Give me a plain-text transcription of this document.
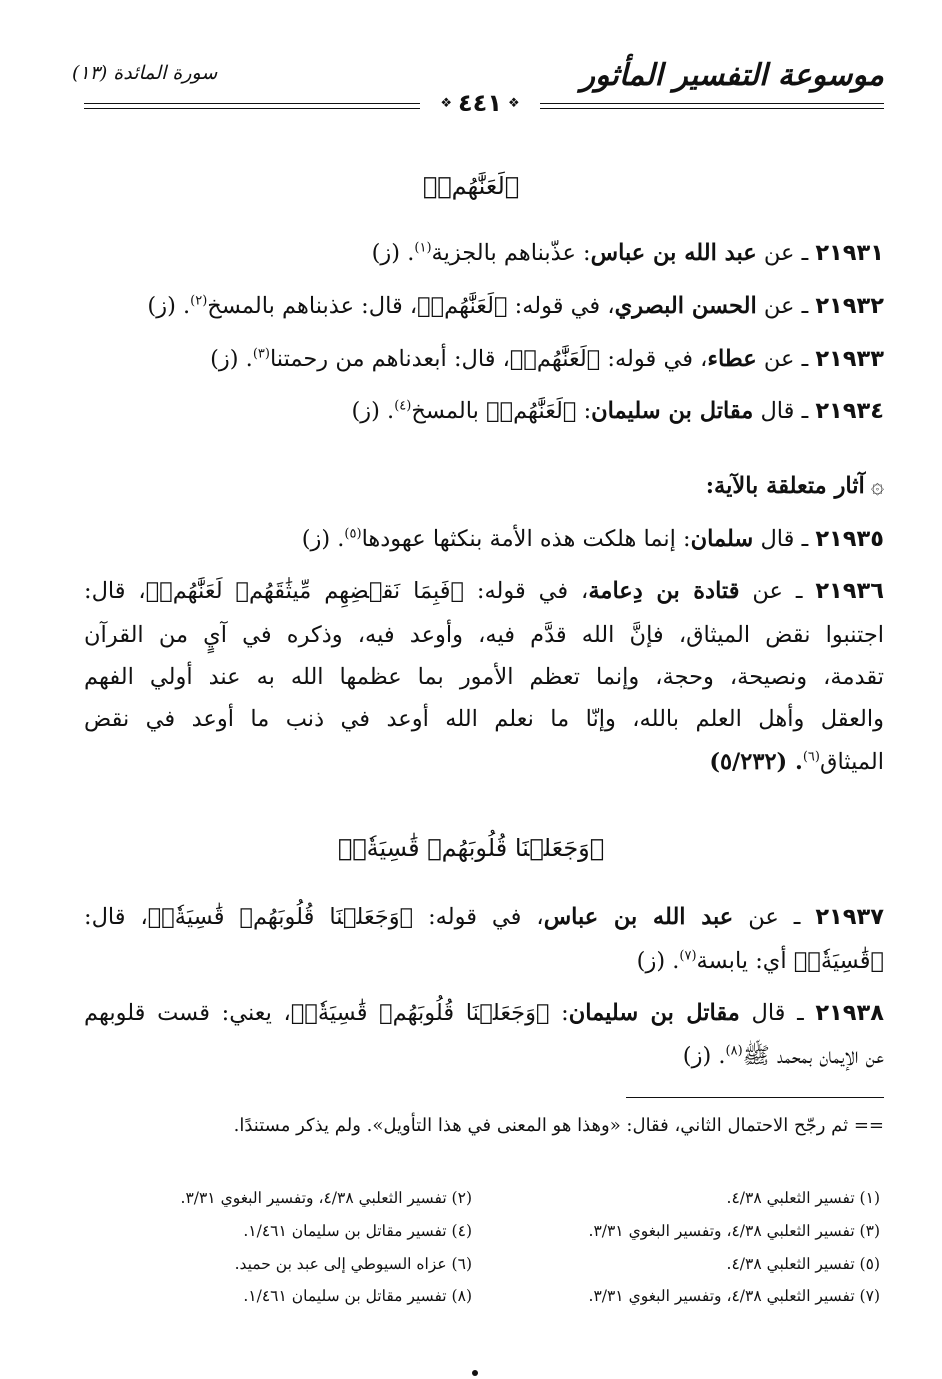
موسوعة التفسير المأثور
سورة المائدة (١٣)
❖
٤٤١
❖
﴿لَعَنَّٰهُمۡ﴾
٢١٩٣١ ـ عن عبد الله بن عباس: عذّبناهم بالجزية$^{(١)}$. (ز)
٢١٩٣٢ ـ عن الحسن البصري، في قوله: ﴿لَعَنَّٰهُمۡ﴾، قال: عذبناهم بالمسخ$^{(٢)}$. (ز)
٢١٩٣٣ ـ عن عطاء، في قوله: ﴿لَعَنَّٰهُمۡ﴾، قال: أبعدناهم من رحمتنا$^{(٣)}$. (ز)
٢١٩٣٤ ـ قال مقاتل بن سليمان: ﴿لَعَنَّٰهُمۡ﴾ بالمسخ$^{(٤)}$. (ز)
۞آثار متعلقة بالآية:
٢١٩٣٥ ـ قال سلمان: إنما هلكت هذه الأمة بنكثها عهودها$^{(٥)}$. (ز)
٢١٩٣٦ ـ عن قتادة بن دِعامة، في قوله: ﴿فَبِمَا نَقۡضِهِم مِّيثَٰقَهُمۡ لَعَنَّٰهُمۡ﴾، قال:
اجتنبوا نقض الميثاق، فإنَّ الله قدَّم فيه، وأوعد فيه، وذكره في آيٍ من القرآن
تقدمة، ونصيحة، وحجة، وإنما تعظم الأمور بما عظمها الله به عند أولي الفهم
والعقل وأهل العلم بالله، وإنّا ما نعلم الله أوعد في ذنب ما أوعد في نقض
الميثاق$^{(٦)}$. (٥/٢٣٢)
﴿وَجَعَلۡنَا قُلُوبَهُمۡ قَٰسِيَةٗۖ﴾
٢١٩٣٧ ـ عن عبد الله بن عباس، في قوله: ﴿وَجَعَلۡنَا قُلُوبَهُمۡ قَٰسِيَةٗۖ﴾، قال:
﴿قَٰسِيَةٗۖ﴾ أي: يابسة$^{(٧)}$. (ز)
٢١٩٣٨ ـ قال مقاتل بن سليمان: ﴿وَجَعَلۡنَا قُلُوبَهُمۡ قَٰسِيَةٗۖ﴾، يعني: قست قلوبهم
عن الإيمان بمحمد ﷺ$^{(٨)}$. (ز)
== ثم رجّح الاحتمال الثاني، فقال: «وهذا هو المعنى في هذا التأويل». ولم يذكر مستندًا.
(١) تفسير الثعلبي ٤/٣٨.
(٢) تفسير الثعلبي ٤/٣٨، وتفسير البغوي ٣/٣١.
(٣) تفسير الثعلبي ٤/٣٨، وتفسير البغوي ٣/٣١.
(٤) تفسير مقاتل بن سليمان ١/٤٦١.
(٥) تفسير الثعلبي ٤/٣٨.
(٦) عزاه السيوطي إلى عبد بن حميد.
(٧) تفسير الثعلبي ٤/٣٨، وتفسير البغوي ٣/٣١.
(٨) تفسير مقاتل بن سليمان ١/٤٦١.
